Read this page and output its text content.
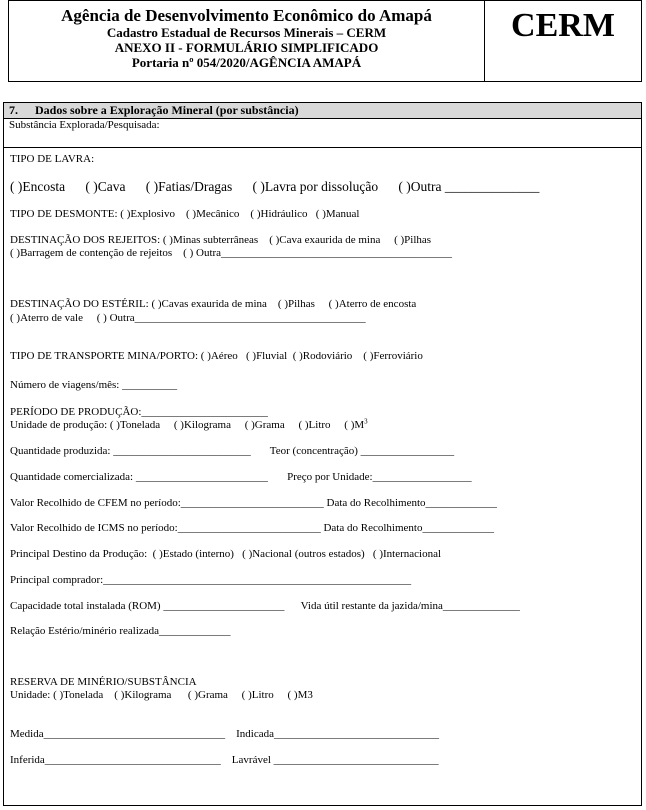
Agência de Desenvolvimento Econômico do Amapá
Cadastro Estadual de Recursos Minerais – CERM
ANEXO II - FORMULÁRIO SIMPLIFICADO
Portaria nº 054/2020/AGÊNCIA AMAPÁ
CERM
7. Dados sobre a Exploração Mineral (por substância)
Substância Explorada/Pesquisada:
TIPO DE LAVRA:
( )Encosta      ( )Cava      ( )Fatias/Dragas      ( )Lavra por dissolução      ( )Outra ______________
TIPO DE DESMONTE: ( )Explosivo    ( )Mecânico    ( )Hidráulico   ( )Manual
DESTINAÇÃO DOS REJEITOS: ( )Minas subterrâneas    ( )Cava exaurida de mina     ( )Pilhas
( )Barragem de contenção de rejeitos    ( ) Outra__________________________________________
DESTINAÇÃO DO ESTÉRIL: ( )Cavas exaurida de mina    ( )Pilhas     ( )Aterro de encosta
( )Aterro de vale     ( ) Outra__________________________________________
TIPO DE TRANSPORTE MINA/PORTO: ( )Aéreo   ( )Fluvial  ( )Rodoviário    ( )Ferroviário
Número de viagens/mês: __________
PERÍODO DE PRODUÇÃO:_______________________
Unidade de produção: ( )Tonelada     ( )Kilograma     ( )Grama     ( )Litro     ( )$M^3$
Quantidade produzida: _________________________       Teor (concentração) _________________
Quantidade comercializada: ________________________       Preço por Unidade:__________________
Valor Recolhido de CFEM no período:__________________________ Data do Recolhimento_____________
Valor Recolhido de ICMS no período:__________________________ Data do Recolhimento_____________
Principal Destino da Produção:  ( )Estado (interno)   ( )Nacional (outros estados)   ( )Internacional
Principal comprador:________________________________________________________
Capacidade total instalada (ROM) ______________________      Vida útil restante da jazida/mina______________
Relação Estério/minério realizada_____________
RESERVA DE MINÉRIO/SUBSTÂNCIA
Unidade: ( )Tonelada    ( )Kilograma      ( )Grama     ( )Litro     ( )M3
Medida_________________________________    Indicada______________________________
Inferida________________________________    Lavrável ______________________________
